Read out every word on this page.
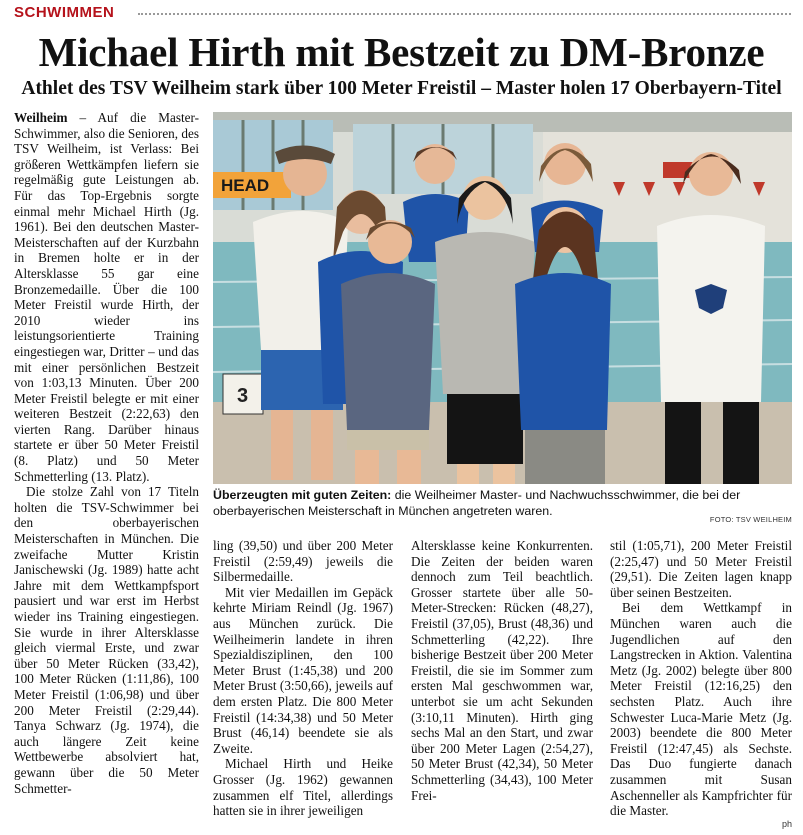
SCHWIMMEN
Michael Hirth mit Bestzeit zu DM-Bronze
Athlet des TSV Weilheim stark über 100 Meter Freistil – Master holen 17 Oberbayern-Titel

Weilheim – Auf die Master-Schwimmer, also die Senioren, des TSV Weilheim, ist Verlass: Bei größeren Wettkämpfen liefern sie regelmäßig gute Leistungen ab. Für das Top-Ergebnis sorgte einmal mehr Michael Hirth (Jg. 1961). Bei den deutschen Master-Meisterschaften auf der Kurzbahn in Bremen holte er in der Altersklasse 55 gar eine Bronzemedaille. Über die 100 Meter Freistil wurde Hirth, der 2010 wieder ins leistungsorientierte Training eingestiegen war, Dritter – und das mit einer persönlichen Bestzeit von 1:03,13 Minuten. Über 200 Meter Freistil belegte er mit einer weiteren Bestzeit (2:22,63) den vierten Rang. Darüber hinaus startete er über 50 Meter Freistil (8. Platz) und 50 Meter Schmetterling (13. Platz).

Die stolze Zahl von 17 Titeln holten die TSV-Schwimmer bei den oberbayerischen Meisterschaften in München. Die zweifache Mutter Kristin Janischewski (Jg. 1989) hatte acht Jahre mit dem Wettkampfsport pausiert und war erst im Herbst wieder ins Training eingestiegen. Sie wurde in ihrer Altersklasse gleich viermal Erste, und zwar über 50 Meter Rücken (33,42), 100 Meter Rücken (1:11,86), 100 Meter Freistil (1:06,98) und über 200 Meter Freistil (2:29,44). Tanya Schwarz (Jg. 1974), die auch längere Zeit keine Wettbewerbe absolviert hat, gewann über die 50 Meter Schmetter-

HEAD
3
Überzeugten mit guten Zeiten: die Weilheimer Master- und Nachwuchsschwimmer, die bei der oberbayerischen Meisterschaft in München angetreten waren.
FOTO: TSV WEILHEIM

ling (39,50) und über 200 Meter Freistil (2:59,49) jeweils die Silbermedaille.

Mit vier Medaillen im Gepäck kehrte Miriam Reindl (Jg. 1967) aus München zurück. Die Weilheimerin landete in ihren Spezialdisziplinen, den 100 Meter Brust (1:45,38) und 200 Meter Brust (3:50,66), jeweils auf dem ersten Platz. Die 800 Meter Freistil (14:34,38) und 50 Meter Brust (46,14) beendete sie als Zweite.

Michael Hirth und Heike Grosser (Jg. 1962) gewannen zusammen elf Titel, allerdings hatten sie in ihrer jeweiligen

Altersklasse keine Konkurrenten. Die Zeiten der beiden waren dennoch zum Teil beachtlich. Grosser startete über alle 50-Meter-Strecken: Rücken (48,27), Freistil (37,05), Brust (48,36) und Schmetterling (42,22). Ihre bisherige Bestzeit über 200 Meter Freistil, die sie im Sommer zum ersten Mal geschwommen war, unterbot sie um acht Sekunden (3:10,11 Minuten). Hirth ging sechs Mal an den Start, und zwar über 200 Meter Lagen (2:54,27), 50 Meter Brust (42,34), 50 Meter Schmetterling (34,43), 100 Meter Frei-

stil (1:05,71), 200 Meter Freistil (2:25,47) und 50 Meter Freistil (29,51). Die Zeiten lagen knapp über seinen Bestzeiten.

Bei dem Wettkampf in München waren auch die Jugendlichen auf den Langstrecken in Aktion. Valentina Metz (Jg. 2002) belegte über 800 Meter Freistil (12:16,25) den sechsten Platz. Auch ihre Schwester Luca-Marie Metz (Jg. 2003) beendete die 800 Meter Freistil (12:47,45) als Sechste. Das Duo fungierte danach zusammen mit Susan Aschenneller als Kampfrichter für die Master.

ph
